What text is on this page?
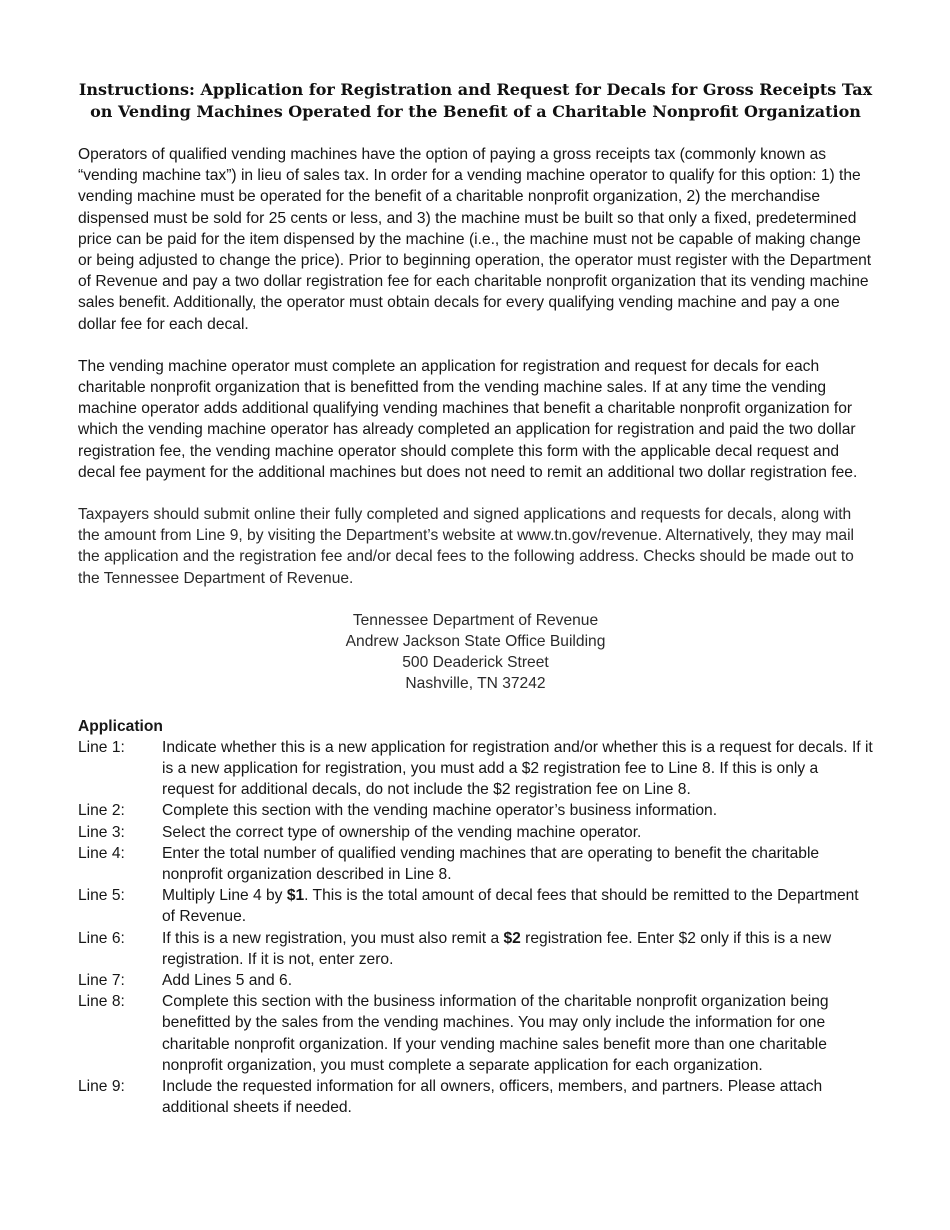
Instructions: Application for Registration and Request for Decals for Gross Receipts Tax on Vending Machines Operated for the Benefit of a Charitable Nonprofit Organization

Operators of qualified vending machines have the option of paying a gross receipts tax (commonly known as “vending machine tax”) in lieu of sales tax. In order for a vending machine operator to qualify for this option: 1) the vending machine must be operated for the benefit of a charitable nonprofit organization, 2) the merchandise dispensed must be sold for 25 cents or less, and 3) the machine must be built so that only a fixed, predetermined price can be paid for the item dispensed by the machine (i.e., the machine must not be capable of making change or being adjusted to change the price). Prior to beginning operation, the operator must register with the Department of Revenue and pay a two dollar registration fee for each charitable nonprofit organization that its vending machine sales benefit. Additionally, the operator must obtain decals for every qualifying vending machine and pay a one dollar fee for each decal.

The vending machine operator must complete an application for registration and request for decals for each charitable nonprofit organization that is benefitted from the vending machine sales. If at any time the vending machine operator adds additional qualifying vending machines that benefit a charitable nonprofit organization for which the vending machine operator has already completed an application for registration and paid the two dollar registration fee, the vending machine operator should complete this form with the applicable decal request and decal fee payment for the additional machines but does not need to remit an additional two dollar registration fee.

Taxpayers should submit online their fully completed and signed applications and requests for decals, along with the amount from Line 9, by visiting the Department’s website at www.tn.gov/revenue. Alternatively, they may mail the application and the registration fee and/or decal fees to the following address. Checks should be made out to the Tennessee Department of Revenue.

Tennessee Department of Revenue
Andrew Jackson State Office Building
500 Deaderick Street
Nashville, TN 37242
Application
Line 1:	Indicate whether this is a new application for registration and/or whether this is a request for decals. If it is a new application for registration, you must add a $2 registration fee to Line 8. If this is only a request for additional decals, do not include the $2 registration fee on Line 8.
Line 2:	Complete this section with the vending machine operator’s business information.
Line 3:	Select the correct type of ownership of the vending machine operator.
Line 4:	Enter the total number of qualified vending machines that are operating to benefit the charitable nonprofit organization described in Line 8.
Line 5:	Multiply Line 4 by $1. This is the total amount of decal fees that should be remitted to the Department of Revenue.
Line 6:	If this is a new registration, you must also remit a $2 registration fee. Enter $2 only if this is a new registration. If it is not, enter zero.
Line 7:	Add Lines 5 and 6.
Line 8:	Complete this section with the business information of the charitable nonprofit organization being benefitted by the sales from the vending machines. You may only include the information for one charitable nonprofit organization. If your vending machine sales benefit more than one charitable nonprofit organization, you must complete a separate application for each organization.
Line 9:	Include the requested information for all owners, officers, members, and partners. Please attach additional sheets if needed.
